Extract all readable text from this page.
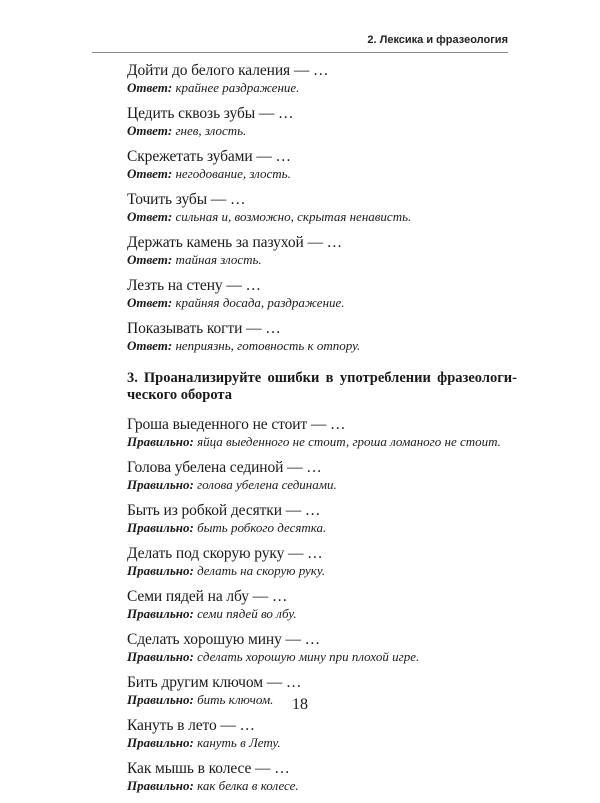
2. Лексика и фразеология
Дойти до белого каления — …
Ответ: крайнее раздражение.
Цедить сквозь зубы — …
Ответ: гнев, злость.
Скрежетать зубами — …
Ответ: негодование, злость.
Точить зубы — …
Ответ: сильная и, возможно, скрытая ненависть.
Держать камень за пазухой — …
Ответ: тайная злость.
Лезть на стену — …
Ответ: крайняя досада, раздражение.
Показывать когти — …
Ответ: неприязнь, готовность к отпору.
3. Проанализируйте ошибки в употреблении фразеологи-ческого оборота
Гроша выеденного не стоит — …
Правильно: яйца выеденного не стоит, гроша ломаного не стоит.
Голова убелена сединой — …
Правильно: голова убелена сединами.
Быть из робкой десятки — …
Правильно: быть робкого десятка.
Делать под скорую руку — …
Правильно: делать на скорую руку.
Семи пядей на лбу — …
Правильно: семи пядей во лбу.
Сделать хорошую мину — …
Правильно: сделать хорошую мину при плохой игре.
Бить другим ключом — …
Правильно: бить ключом.
Кануть в лето — …
Правильно: кануть в Лету.
Как мышь в колесе — …
Правильно: как белка в колесе.
18
